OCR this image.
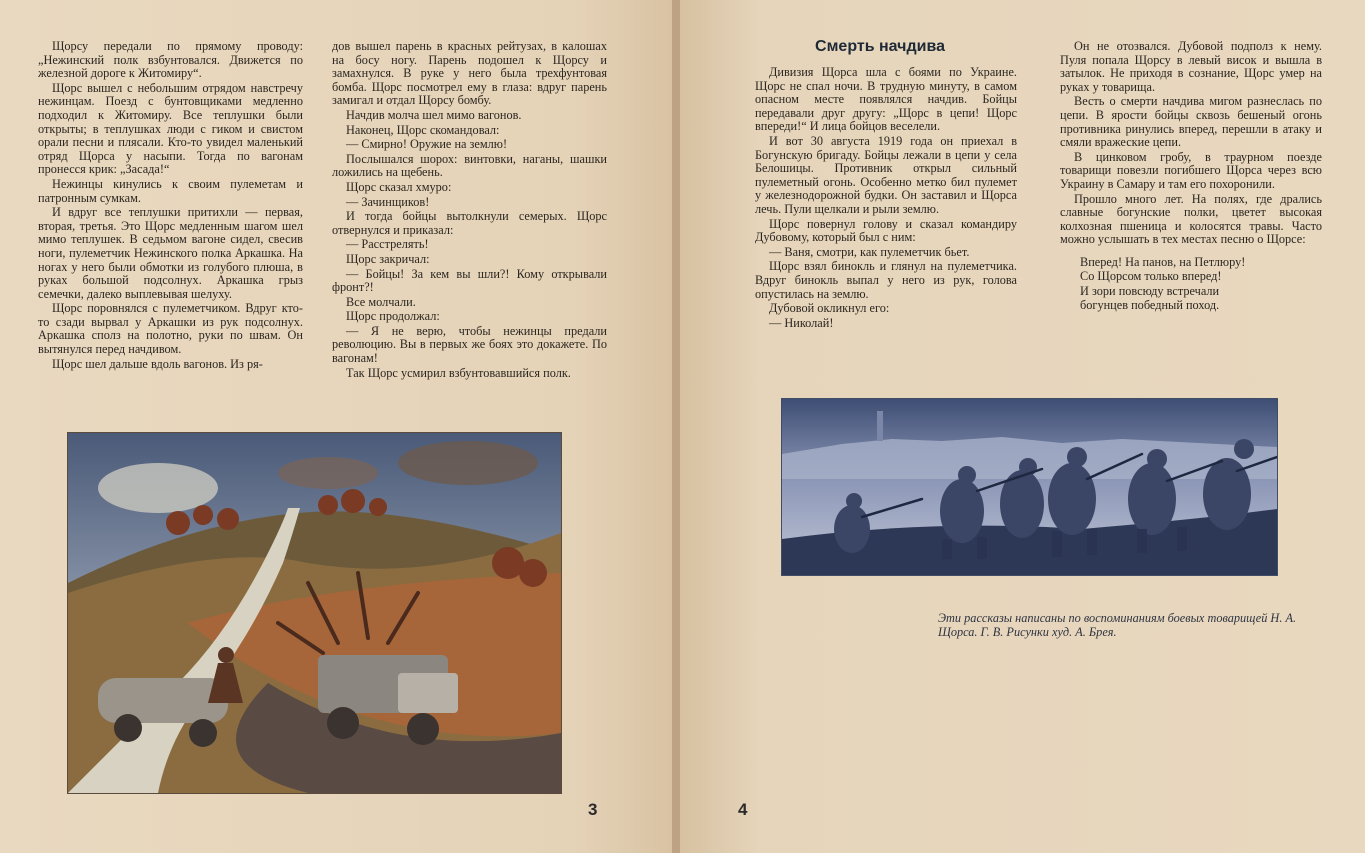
Щорсу передали по прямому проводу: „Нежинский полк взбунтовался. Движется по железной дороге к Житомиру“.

Щорс вышел с небольшим отрядом навстречу нежинцам. Поезд с бунтовщиками медленно подходил к Житомиру. Все теплушки были открыты; в теплушках люди с гиком и свистом орали песни и плясали. Кто-то увидел маленький отряд Щорса у насыпи. Тогда по вагонам пронесся крик: „Засада!“

Нежинцы кинулись к своим пулеметам и патронным сумкам.

И вдруг все теплушки притихли — первая, вторая, третья. Это Щорс медленным шагом шел мимо теплушек. В седьмом вагоне сидел, свесив ноги, пулеметчик Нежинского полка Аркашка. На ногах у него были обмотки из голубого плюша, в руках большой подсолнух. Аркашка грыз семечки, далеко выплевывая шелуху.

Щорс поровнялся с пулеметчиком. Вдруг кто-то сзади вырвал у Аркашки из рук подсолнух. Аркашка сполз на полотно, руки по швам. Он вытянулся перед начдивом.

Щорс шел дальше вдоль вагонов. Из ря-

дов вышел парень в красных рейтузах, в калошах на босу ногу. Парень подошел к Щорсу и замахнулся. В руке у него была трехфунтовая бомба. Щорс посмотрел ему в глаза: вдруг парень замигал и отдал Щорсу бомбу.

Начдив молча шел мимо вагонов.

Наконец, Щорс скомандовал:

— Смирно! Оружие на землю!

Послышался шорох: винтовки, наганы, шашки ложились на щебень.

Щорс сказал хмуро:

— Зачинщиков!

И тогда бойцы вытолкнули семерых. Щорс отвернулся и приказал:

— Расстрелять!

Щорс закричал:

— Бойцы! За кем вы шли?! Кому открывали фронт?!

Все молчали.

Щорс продолжал:

— Я не верю, чтобы нежинцы предали революцию. Вы в первых же боях это докажете. По вагонам!

Так Щорс усмирил взбунтовавшийся полк.

Смерть начдива

Дивизия Щорса шла с боями по Украине. Щорс не спал ночи. В трудную минуту, в самом опасном месте появлялся начдив. Бойцы передавали друг другу: „Щорс в цепи! Щорс впереди!“ И лица бойцов веселели.

И вот 30 августа 1919 года он приехал в Богунскую бригаду. Бойцы лежали в цепи у села Белошицы. Противник открыл сильный пулеметный огонь. Особенно метко бил пулемет у железнодорожной будки. Он заставил и Щорса лечь. Пули щелкали и рыли землю.

Щорс повернул голову и сказал командиру Дубовому, который был с ним:

— Ваня, смотри, как пулеметчик бьет.

Щорс взял бинокль и глянул на пулеметчика. Вдруг бинокль выпал у него из рук, голова опустилась на землю.

Дубовой окликнул его:

— Николай!

Он не отозвался. Дубовой подполз к нему. Пуля попала Щорсу в левый висок и вышла в затылок. Не приходя в сознание, Щорс умер на руках у товарища.

Весть о смерти начдива мигом разнеслась по цепи. В ярости бойцы сквозь бешеный огонь противника ринулись вперед, перешли в атаку и смяли вражеские цепи.

В цинковом гробу, в траурном поезде товарищи повезли погибшего Щорса через всю Украину в Самару и там его похоронили.

Прошло много лет. На полях, где дрались славные богунские полки, цветет высокая колхозная пшеница и колосятся травы. Часто можно услышать в тех местах песню о Щорсе:

Вперед! На панов, на Петлюру!
Со Щорсом только вперед!
И зори повсюду встречали
богунцев победный поход.
Эти рассказы написаны по воспоминаниям боевых товарищей Н. А. Щорса. Г. В. Рисунки худ. А. Брея.
3	4
